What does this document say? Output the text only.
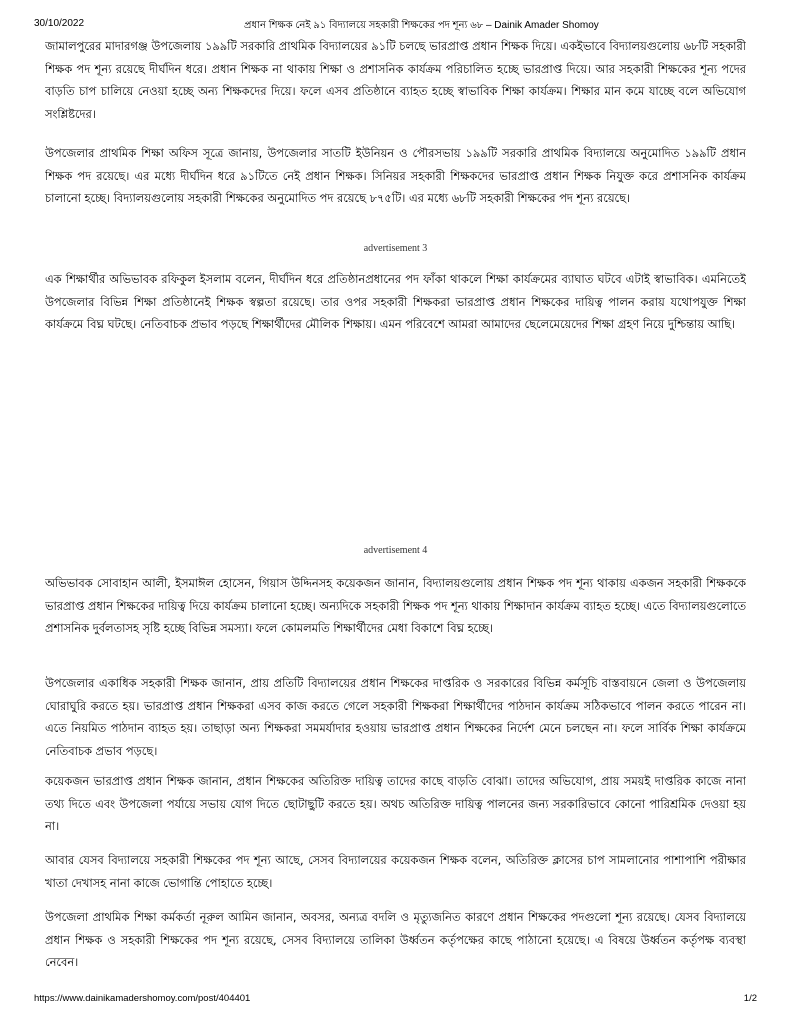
30/10/2022	প্রধান শিক্ষক নেই ৯১ বিদ্যালয়ে সহকারী শিক্ষকের পদ শূন্য ৬৮ – Dainik Amader Shomoy

জামালপুরের মাদারগঞ্জ উপজেলায় ১৯৯টি সরকারি প্রাথমিক বিদ্যালয়ের ৯১টি চলছে ভারপ্রাপ্ত প্রধান শিক্ষক দিয়ে। একইভাবে বিদ্যালয়গুলোয় ৬৮টি সহকারী শিক্ষক পদ শূন্য রয়েছে দীর্ঘদিন ধরে। প্রধান শিক্ষক না থাকায় শিক্ষা ও প্রশাসনিক কার্যক্রম পরিচালিত হচ্ছে ভারপ্রাপ্ত দিয়ে। আর সহকারী শিক্ষকের শূন্য পদের বাড়তি চাপ চালিয়ে নেওয়া হচ্ছে অন্য শিক্ষকদের দিয়ে। ফলে এসব প্রতিষ্ঠানে ব্যাহত হচ্ছে স্বাভাবিক শিক্ষা কার্যক্রম। শিক্ষার মান কমে যাচ্ছে বলে অভিযোগ সংশ্লিষ্টদের।

উপজেলার প্রাথমিক শিক্ষা অফিস সূত্রে জানায়, উপজেলার সাতটি ইউনিয়ন ও পৌরসভায় ১৯৯টি সরকারি প্রাথমিক বিদ্যালয়ে অনুমোদিত ১৯৯টি প্রধান শিক্ষক পদ রয়েছে। এর মধ্যে দীর্ঘদিন ধরে ৯১টিতে নেই প্রধান শিক্ষক। সিনিয়র সহকারী শিক্ষকদের ভারপ্রাপ্ত প্রধান শিক্ষক নিযুক্ত করে প্রশাসনিক কার্যক্রম চালানো হচ্ছে। বিদ্যালয়গুলোয় সহকারী শিক্ষকের অনুমোদিত পদ রয়েছে ৮৭৫টি। এর মধ্যে ৬৮টি সহকারী শিক্ষকের পদ শূন্য রয়েছে।

advertisement 3

এক শিক্ষার্থীর অভিভাবক রফিকুল ইসলাম বলেন, দীর্ঘদিন ধরে প্রতিষ্ঠানপ্রধানের পদ ফাঁকা থাকলে শিক্ষা কার্যক্রমের ব্যাঘাত ঘটবে এটাই স্বাভাবিক। এমনিতেই উপজেলার বিভিন্ন শিক্ষা প্রতিষ্ঠানেই শিক্ষক স্বল্পতা রয়েছে। তার ওপর সহকারী শিক্ষকরা ভারপ্রাপ্ত প্রধান শিক্ষকের দায়িত্ব পালন করায় যথোপযুক্ত শিক্ষা কার্যক্রমে বিঘ্ন ঘটছে। নেতিবাচক প্রভাব পড়ছে শিক্ষার্থীদের মৌলিক শিক্ষায়। এমন পরিবেশে আমরা আমাদের ছেলেমেয়েদের শিক্ষা গ্রহণ নিয়ে দুশ্চিন্তায় আছি।

advertisement 4

অভিভাবক সোবাহান আলী, ইসমাঈল হোসেন, গিয়াস উদ্দিনসহ কয়েকজন জানান, বিদ্যালয়গুলোয় প্রধান শিক্ষক পদ শূন্য থাকায় একজন সহকারী শিক্ষককে ভারপ্রাপ্ত প্রধান শিক্ষকের দায়িত্ব দিয়ে কার্যক্রম চালানো হচ্ছে। অন্যদিকে সহকারী শিক্ষক পদ শূন্য থাকায় শিক্ষাদান কার্যক্রম ব্যাহত হচ্ছে। এতে বিদ্যালয়গুলোতে প্রশাসনিক দুর্বলতাসহ সৃষ্টি হচ্ছে বিভিন্ন সমস্যা। ফলে কোমলমতি শিক্ষার্থীদের মেধা বিকাশে বিঘ্ন হচ্ছে।

উপজেলার একাধিক সহকারী শিক্ষক জানান, প্রায় প্রতিটি বিদ্যালয়ের প্রধান শিক্ষকের দাপ্তরিক ও সরকারের বিভিন্ন কর্মসূচি বাস্তবায়নে জেলা ও উপজেলায় ঘোরাঘুরি করতে হয়। ভারপ্রাপ্ত প্রধান শিক্ষকরা এসব কাজ করতে গেলে সহকারী শিক্ষকরা শিক্ষার্থীদের পাঠদান কার্যক্রম সঠিকভাবে পালন করতে পারেন না। এতে নিয়মিত পাঠদান ব্যাহত হয়। তাছাড়া অন্য শিক্ষকরা সমমর্যাদার হওয়ায় ভারপ্রাপ্ত প্রধান শিক্ষকের নির্দেশ মেনে চলছেন না। ফলে সার্বিক শিক্ষা কার্যক্রমে নেতিবাচক প্রভাব পড়ছে।

কয়েকজন ভারপ্রাপ্ত প্রধান শিক্ষক জানান, প্রধান শিক্ষকের অতিরিক্ত দায়িত্ব তাদের কাছে বাড়তি বোঝা। তাদের অভিযোগ, প্রায় সময়ই দাপ্তরিক কাজে নানা তথ্য দিতে এবং উপজেলা পর্যায়ে সভায় যোগ দিতে ছোটাছুটি করতে হয়। অথচ অতিরিক্ত দায়িত্ব পালনের জন্য সরকারিভাবে কোনো পারিশ্রমিক দেওয়া হয় না।

আবার যেসব বিদ্যালয়ে সহকারী শিক্ষকের পদ শূন্য আছে, সেসব বিদ্যালয়ের কয়েকজন শিক্ষক বলেন, অতিরিক্ত ক্লাসের চাপ সামলানোর পাশাপাশি পরীক্ষার খাতা দেখাসহ নানা কাজে ভোগান্তি পোহাতে হচ্ছে।

উপজেলা প্রাথমিক শিক্ষা কর্মকর্তা নূরুল আমিন জানান, অবসর, অন্যত্র বদলি ও মৃত্যুজনিত কারণে প্রধান শিক্ষকের পদগুলো শূন্য রয়েছে। যেসব বিদ্যালয়ে প্রধান শিক্ষক ও সহকারী শিক্ষকের পদ শূন্য রয়েছে, সেসব বিদ্যালয়ে তালিকা উর্ধ্বতন কর্তৃপক্ষের কাছে পাঠানো হয়েছে। এ বিষয়ে উর্ধ্বতন কর্তৃপক্ষ ব্যবস্থা নেবেন।

https://www.dainikamadershomoy.com/post/404401	1/2
